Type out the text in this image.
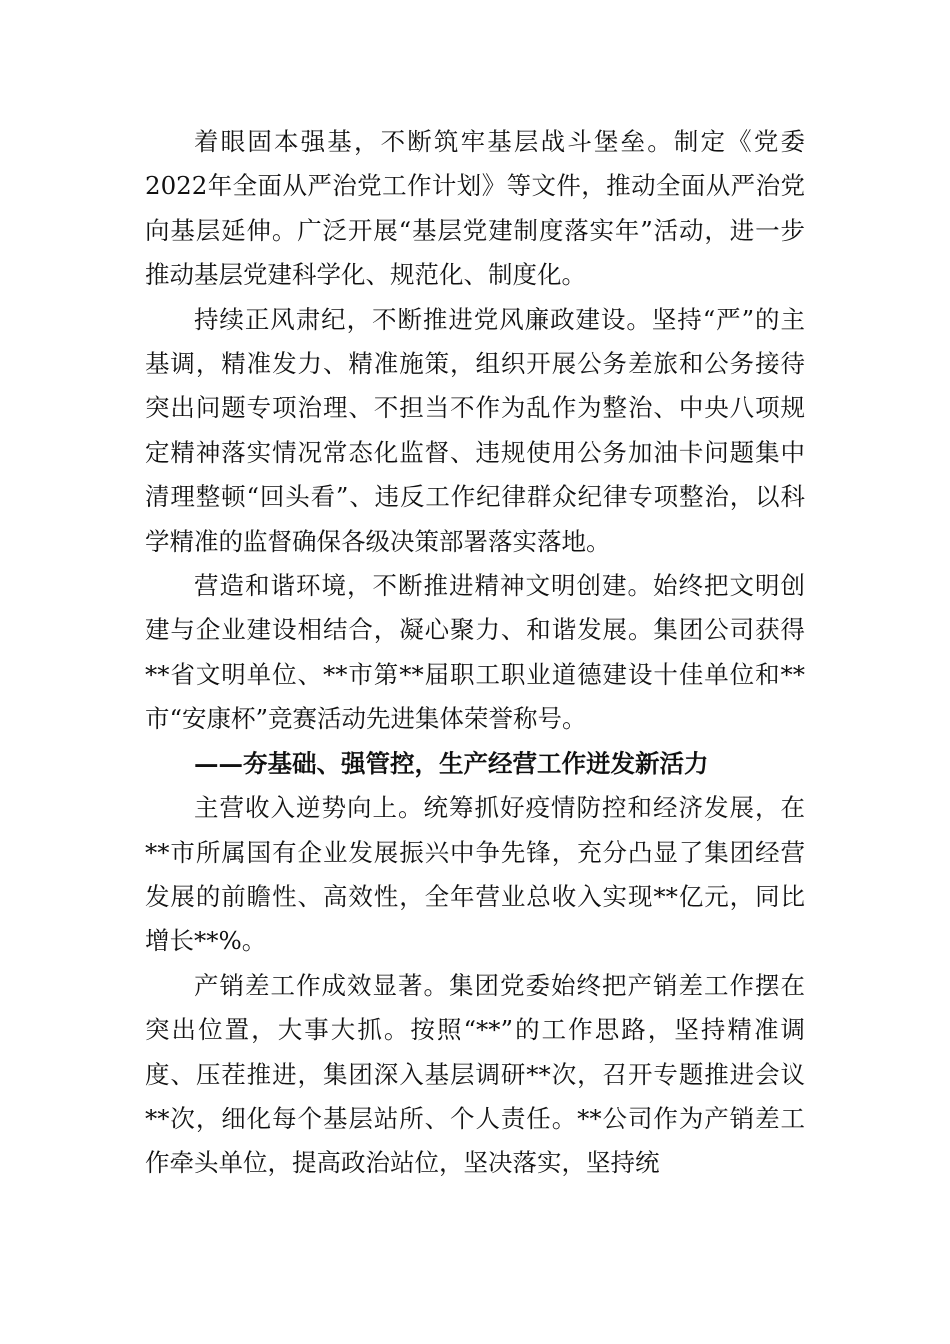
着眼固本强基，不断筑牢基层战斗堡垒。制定《党委2022年全面从严治党工作计划》等文件，推动全面从严治党向基层延伸。广泛开展“基层党建制度落实年”活动，进一步推动基层党建科学化、规范化、制度化。

持续正风肃纪，不断推进党风廉政建设。坚持“严”的主基调，精准发力、精准施策，组织开展公务差旅和公务接待突出问题专项治理、不担当不作为乱作为整治、中央八项规定精神落实情况常态化监督、违规使用公务加油卡问题集中清理整顿“回头看”、违反工作纪律群众纪律专项整治，以科学精准的监督确保各级决策部署落实落地。

营造和谐环境，不断推进精神文明创建。始终把文明创建与企业建设相结合，凝心聚力、和谐发展。集团公司获得**省文明单位、**市第**届职工职业道德建设十佳单位和**市“安康杯”竞赛活动先进集体荣誉称号。

——夯基础、强管控，生产经营工作迸发新活力

主营收入逆势向上。统筹抓好疫情防控和经济发展，在**市所属国有企业发展振兴中争先锋，充分凸显了集团经营发展的前瞻性、高效性，全年营业总收入实现**亿元，同比增长**%。

产销差工作成效显著。集团党委始终把产销差工作摆在突出位置，大事大抓。按照“**”的工作思路，坚持精准调度、压茬推进，集团深入基层调研**次，召开专题推进会议**次，细化每个基层站所、个人责任。**公司作为产销差工作牵头单位，提高政治站位，坚决落实，坚持统
